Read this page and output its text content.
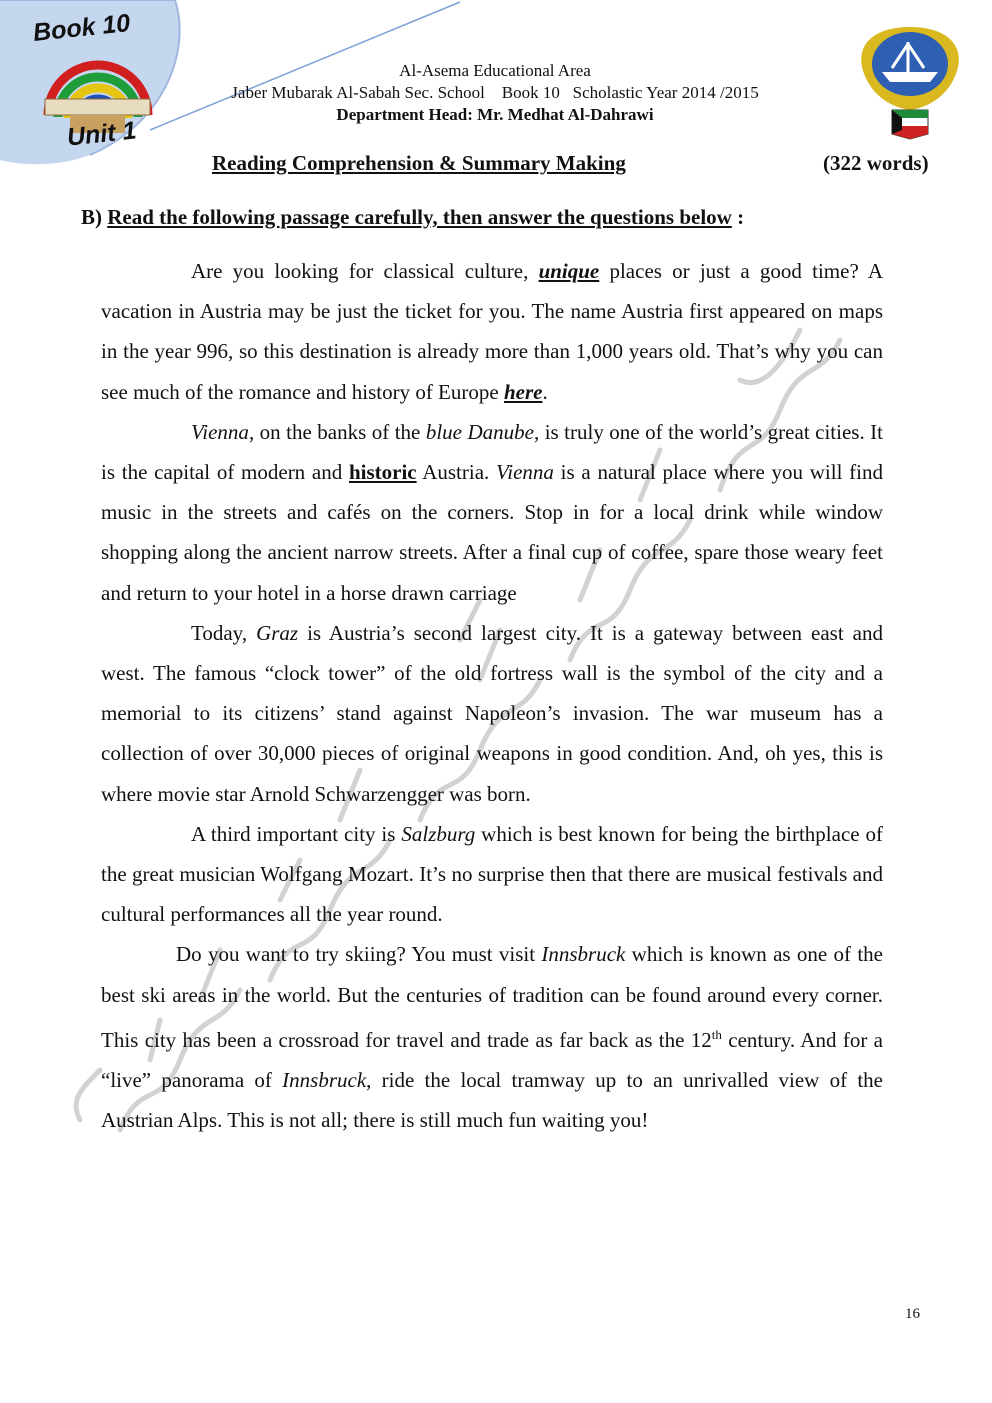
Book 10
Unit 1
Al-Asema Educational Area
Jaber Mubarak Al-Sabah Sec. School    Book 10   Scholastic Year 2014 /2015
Department Head: Mr. Medhat Al-Dahrawi
Reading Comprehension & Summary Making	(322 words)
B) Read the following passage carefully, then answer the questions below :

Are you looking for classical culture, unique places or just a good time? A vacation in Austria may be just the ticket for you. The name Austria first appeared on maps in the year 996, so this destination is already more than 1,000 years old. That’s why you can see much of the romance and history of Europe here.

Vienna, on the banks of the blue Danube, is truly one of the world’s great cities. It is the capital of modern and historic Austria. Vienna is a natural place where you will find music in the streets and cafés on the corners. Stop in for a local drink while window shopping along the ancient narrow streets. After a final cup of coffee, spare those weary feet and return to your hotel in a horse drawn carriage

Today, Graz is Austria’s second largest city. It is a gateway between east and west. The famous “clock tower” of the old fortress wall is the symbol of the city and a memorial to its citizens’ stand against Napoleon’s invasion. The war museum has a collection of over 30,000 pieces of original weapons in good condition. And, oh yes, this is where movie star Arnold Schwarzengger was born.

A third important city is Salzburg which is best known for being the birthplace of the great musician Wolfgang Mozart. It’s no surprise then that there are musical festivals and cultural performances all the year round.

Do you want to try skiing? You must visit Innsbruck which is known as one of the best ski areas in the world. But the centuries of tradition can be found around every corner. This city has been a crossroad for travel and trade as far back as the 12th century. And for a “live” panorama of Innsbruck, ride the local tramway up to an unrivalled view of the Austrian Alps. This is not all; there is still much fun waiting you!

16
